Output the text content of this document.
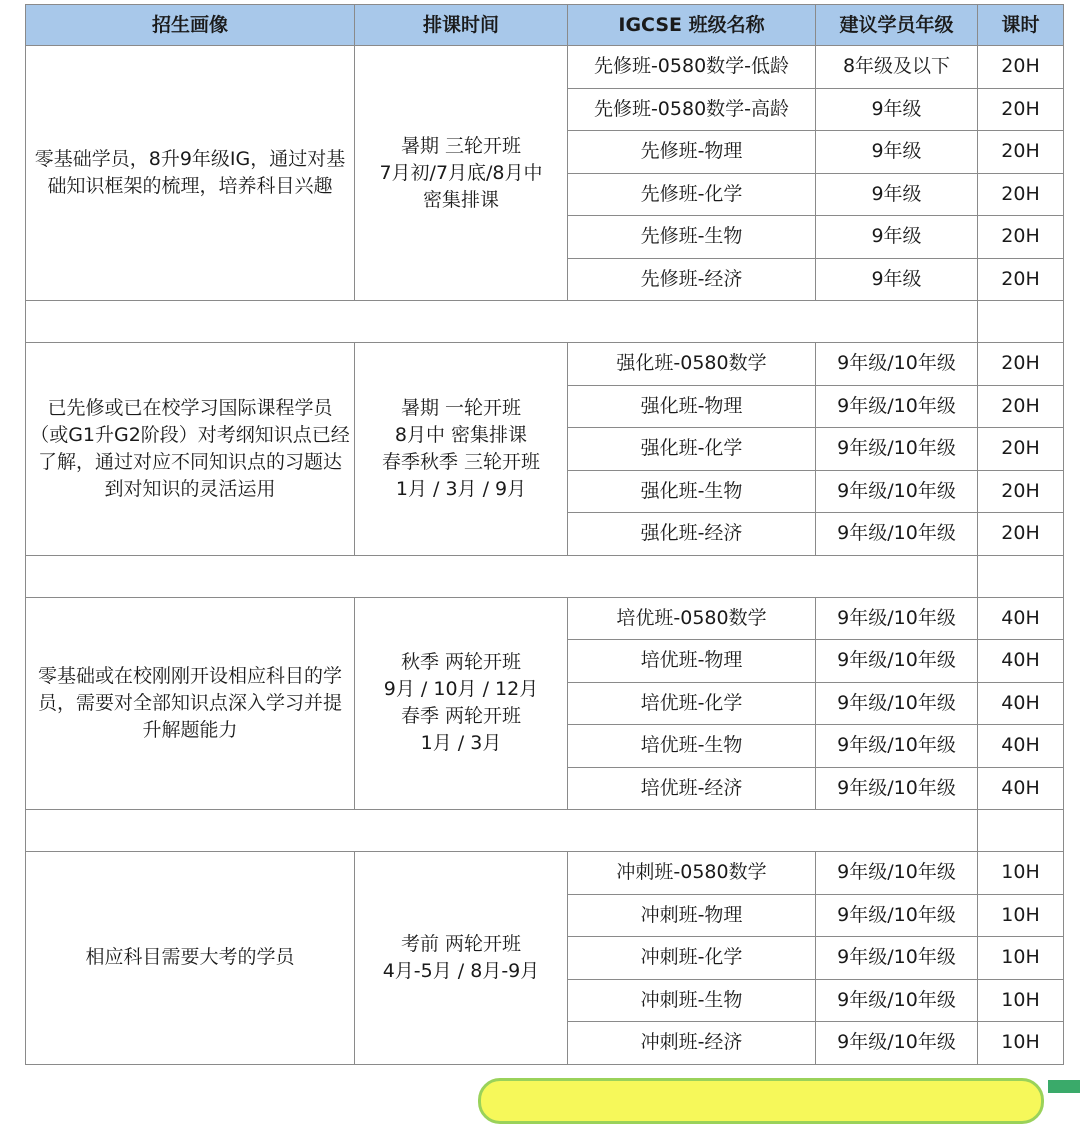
招生画像	排课时间	IGCSE 班级名称	建议学员年级	课时
零基础学员，8升9年级IG，通过对基础知识框架的梳理，培养科目兴趣	暑期 三轮开班
7月初/7月底/8月中
密集排课	先修班-0580数学-低龄	8年级及以下	20H
		先修班-0580数学-高龄	9年级	20H
		先修班-物理	9年级	20H
		先修班-化学	9年级	20H
		先修班-生物	9年级	20H
		先修班-经济	9年级	20H

已先修或已在校学习国际课程学员（或G1升G2阶段）对考纲知识点已经了解，通过对应不同知识点的习题达到对知识的灵活运用	暑期 一轮开班
8月中 密集排课
春季秋季 三轮开班
1月 / 3月 / 9月	强化班-0580数学	9年级/10年级	20H
		强化班-物理	9年级/10年级	20H
		强化班-化学	9年级/10年级	20H
		强化班-生物	9年级/10年级	20H
		强化班-经济	9年级/10年级	20H

零基础或在校刚刚开设相应科目的学员，需要对全部知识点深入学习并提升解题能力	秋季 两轮开班
9月 / 10月 / 12月
春季 两轮开班
1月 / 3月	培优班-0580数学	9年级/10年级	40H
		培优班-物理	9年级/10年级	40H
		培优班-化学	9年级/10年级	40H
		培优班-生物	9年级/10年级	40H
		培优班-经济	9年级/10年级	40H

相应科目需要大考的学员	考前 两轮开班
4月-5月 / 8月-9月	冲刺班-0580数学	9年级/10年级	10H
		冲刺班-物理	9年级/10年级	10H
		冲刺班-化学	9年级/10年级	10H
		冲刺班-生物	9年级/10年级	10H
		冲刺班-经济	9年级/10年级	10H
